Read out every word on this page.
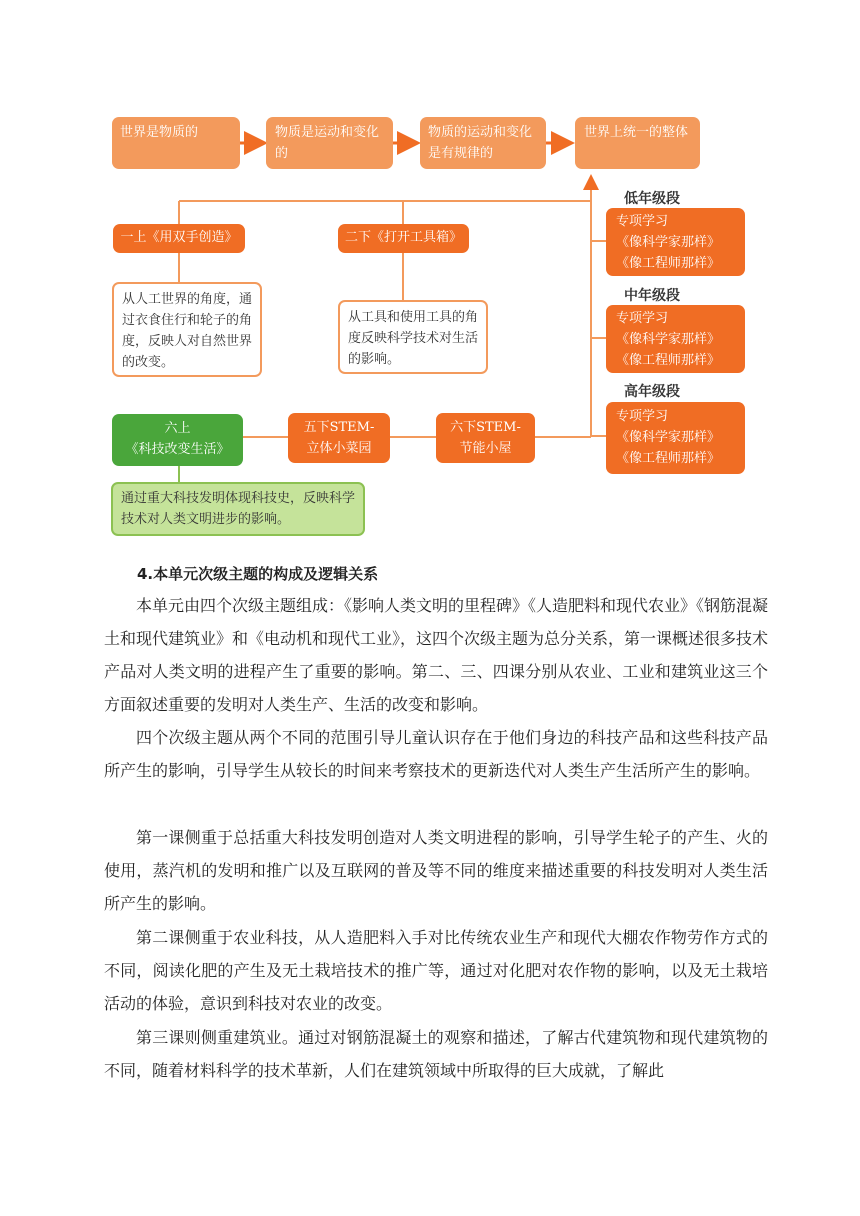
世界是物质的	物质是运动和变化的
物质的运动和变化是有规律的
世界上统一的整体
一上《用双手创造》	二下《打开工具箱》
从人工世界的角度，通过衣食住行和轮子的角度，反映人对自然世界的改变。
从工具和使用工具的角度反映科学技术对生活的影响。
六上
《科技改变生活》
五下STEM-
立体小菜园
六下STEM-
节能小屋
通过重大科技发明体现科技史，反映科学技术对人类文明进步的影响。
低年级段
专项学习
《像科学家那样》
《像工程师那样》
中年级段
专项学习
《像科学家那样》
《像工程师那样》
高年级段
专项学习
《像科学家那样》
《像工程师那样》
4.本单元次级主题的构成及逻辑关系

本单元由四个次级主题组成：《影响人类文明的里程碑》《人造肥料和现代农业》《钢筋混凝土和现代建筑业》和《电动机和现代工业》，这四个次级主题为总分关系，第一课概述很多技术产品对人类文明的进程产生了重要的影响。第二、三、四课分别从农业、工业和建筑业这三个方面叙述重要的发明对人类生产、生活的改变和影响。

四个次级主题从两个不同的范围引导儿童认识存在于他们身边的科技产品和这些科技产品所产生的影响，引导学生从较长的时间来考察技术的更新迭代对人类生产生活所产生的影响。

第一课侧重于总括重大科技发明创造对人类文明进程的影响，引导学生轮子的产生、火的使用，蒸汽机的发明和推广以及互联网的普及等不同的维度来描述重要的科技发明对人类生活所产生的影响。

第二课侧重于农业科技，从人造肥料入手对比传统农业生产和现代大棚农作物劳作方式的不同，阅读化肥的产生及无土栽培技术的推广等，通过对化肥对农作物的影响，以及无土栽培活动的体验，意识到科技对农业的改变。

第三课则侧重建筑业。通过对钢筋混凝土的观察和描述，了解古代建筑物和现代建筑物的不同，随着材料科学的技术革新，人们在建筑领域中所取得的巨大成就，了解此
